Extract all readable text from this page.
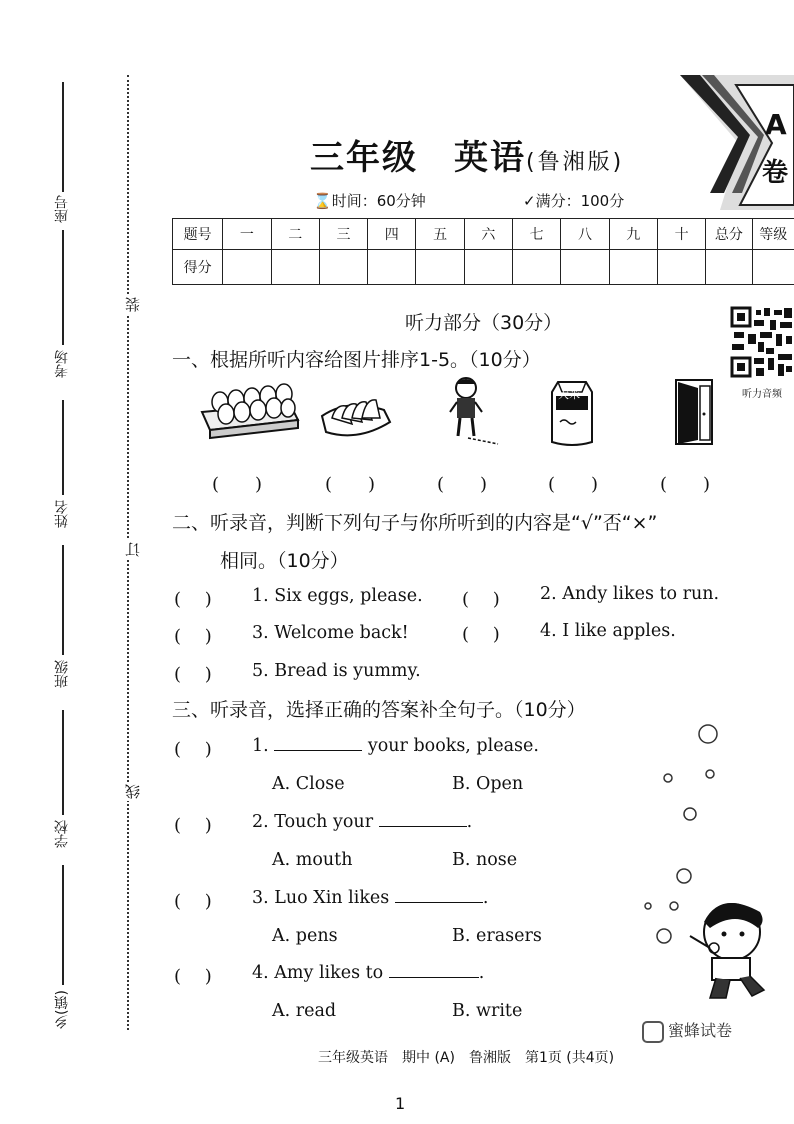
座号
考场
姓名
班级
学校
乡(镇)
装
订
线
三年级　英语(鲁湘版)
A
卷
⌛时间：60分钟	✓满分：100分
题号	一	二	三	四	五	六	七	八	九	十	总分	等级
得分												
听力部分（30分）
听力音频
一、根据所听内容给图片排序1-5。（10分）
大米
(　　)	(　　)	(　　)	(　　)	(　　)
二、听录音，判断下列句子与你所听到的内容是“√”否“×”
相同。（10分）
(　 ) 1. Six eggs, please. (　 ) 2. Andy likes to run.
(　 ) 3. Welcome back!	(　 ) 4. I like apples.
(　 ) 5. Bread is yummy.
三、听录音，选择正确的答案补全句子。（10分）
(　 ) 1.	your books, please.
A. Close	B. Open
(　 ) 2. Touch your	.
A. mouth	B. nose
(　 ) 3. Luo Xin likes	.
A. pens	B. erasers
(　 ) 4. Amy likes to	.
A. read	B. write
蜜蜂试卷
三年级英语　期中 (A)　鲁湘版　第1页 (共4页)
1
